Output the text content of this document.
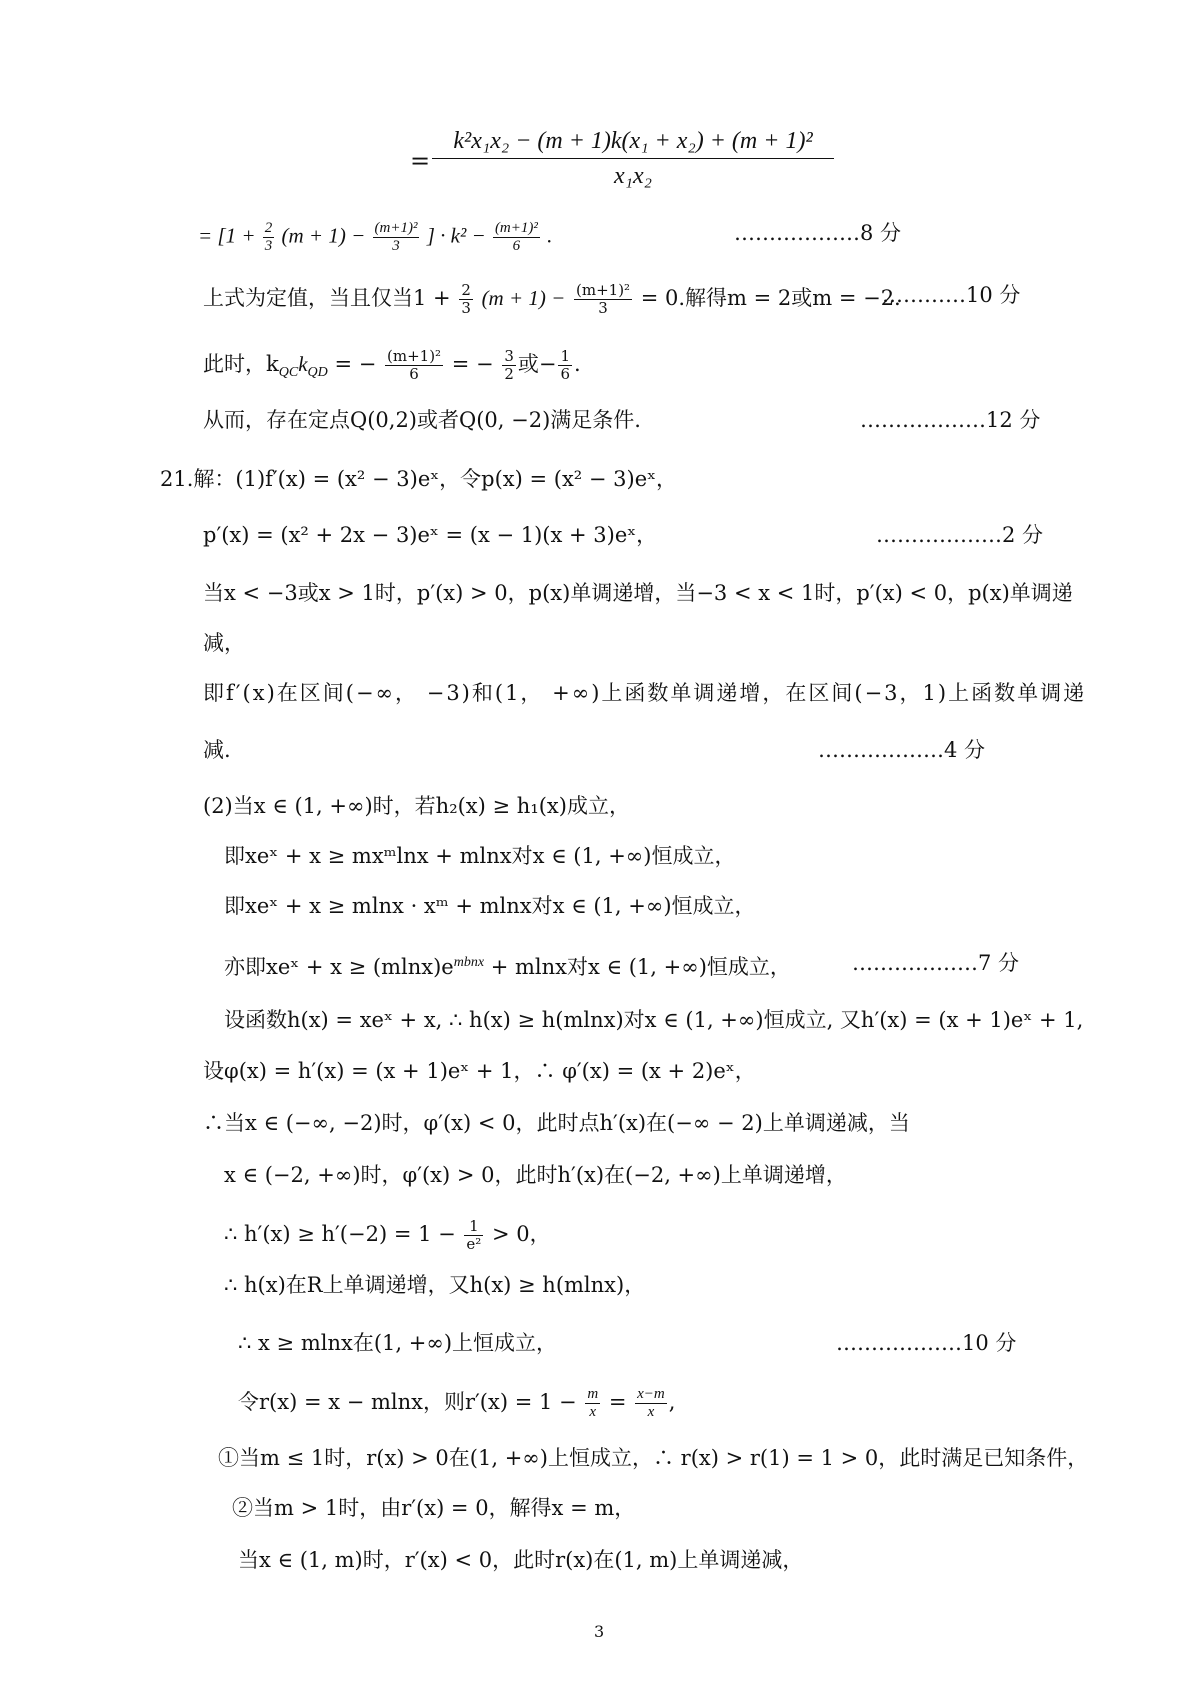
= $\frac{\text{k²x₁x₂ − (m + 1)k(x₁ + x₂) + (m + 1)²}}{\text{x₁x₂}}$
= [$1 + \frac{2}{3} (m + 1) - \frac{\text{(m+1)²}}{3}$ ] · $k^2 - \frac{\text{(m+1)²}}{6}$ .	………………8 分
上式为定值，当且仅当$1 + \frac{2}{3} (m + 1) - \frac{\text{(m+1)²}}{3} = 0$.解得m = 2或m = −2．
…………10 分
此时，$k_{QC}k_{QD}$ = − $\frac{\text{(m+1)²}}{6}$ = − $\frac{3}{2}$ 或− $\frac{1}{6}$ .
从而，存在定点Q(0,2)或者Q(0, −2)满足条件.	………………12 分
21.解：(1)f′(x) = (x² − 3)eˣ，令p(x) = (x² − 3)eˣ，
p′(x) = (x² + 2x − 3)eˣ = (x − 1)(x + 3)eˣ，	………………2 分
当x < −3或x > 1时，p′(x) > 0，p(x)单调递增，当−3 < x < 1时，p′(x) < 0，p(x)单调递
减，
即f′(x)在区间(−∞， −3)和(1， +∞)上函数单调递增，在区间(−3，1)上函数单调递
减.	………………4 分
(2)当x ∈ (1, +∞)时，若h₂(x) ≥ h₁(x)成立，
即xeˣ + x ≥ mxᵐlnx + mlnx对x ∈ (1, +∞)恒成立，
即xeˣ + x ≥ mlnx · xᵐ + mlnx对x ∈ (1, +∞)恒成立，
亦即xeˣ + $x \ge (mlnx)e^{mbnx} + mlnx$对x ∈ (1, +∞)恒成立，	………………7 分
设函数h(x) = xeˣ + x, ∴ h(x) ≥ h(mlnx)对x ∈ (1, +∞)恒成立, 又h′(x) = (x + 1)eˣ + 1,
设φ(x) = h′(x) = (x + 1)eˣ + 1，∴ φ′(x) = (x + 2)eˣ，
∴当x ∈ (−∞, −2)时，φ′(x) < 0，此时点h′(x)在(−∞ − 2)上单调递减，当
x ∈ (−2, +∞)时，φ′(x) > 0，此时h′(x)在(−2, +∞)上单调递增，
∴ $h'(x) \ge h'(-2) = 1 - \frac{1}{\text{e²}} > 0$，
∴ h(x)在R上单调递增，又h(x) ≥ h(mlnx)，
∴ x ≥ mlnx在(1, +∞)上恒成立，	………………10 分
令r(x) = x − mlnx，则$r'(x) = 1 - \frac{m}{x} = \frac{x-m}{x}$ ,
①当m ≤ 1时，r(x) > 0在(1, +∞)上恒成立，∴ r(x) > r(1) = 1 > 0，此时满足已知条件，
②当m > 1时，由r′(x) = 0，解得x = m，
当x ∈ (1, m)时，r′(x) < 0，此时r(x)在(1, m)上单调递减，
3
